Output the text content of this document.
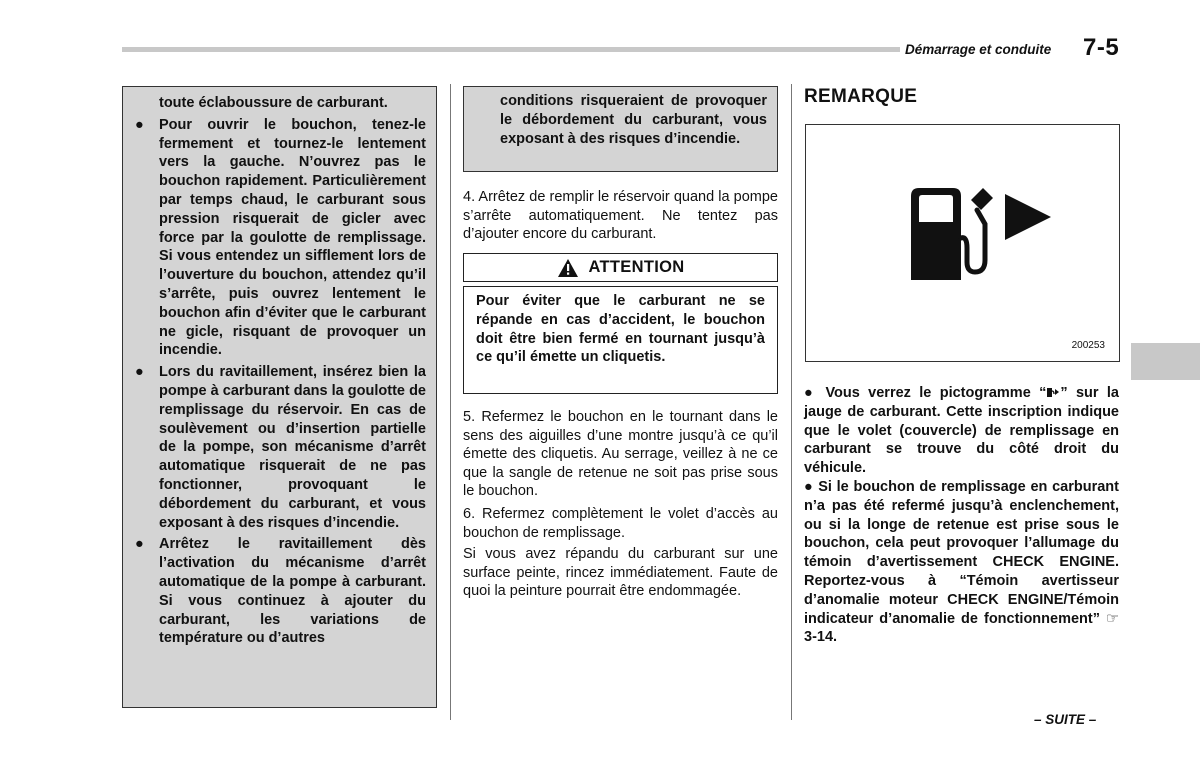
Démarrage et conduite 7-5
toute éclaboussure de carburant.
● Pour ouvrir le bouchon, tenez-le fermement et tournez-le lentement vers la gauche. N’ouvrez pas le bouchon rapidement. Particulièrement par temps chaud, le carburant sous pression risquerait de gicler avec force par la goulotte de remplissage. Si vous entendez un sifflement lors de l’ouverture du bouchon, attendez qu’il s’arrête, puis ouvrez lentement le bouchon afin d’éviter que le carburant ne gicle, risquant de provoquer un incendie.
● Lors du ravitaillement, insérez bien la pompe à carburant dans la goulotte de remplissage du réservoir. En cas de soulèvement ou d’insertion partielle de la pompe, son mécanisme d’arrêt automatique risquerait de ne pas fonctionner, provoquant le débordement du carburant, et vous exposant à des risques d’incendie.
● Arrêtez le ravitaillement dès l’activation du mécanisme d’arrêt automatique de la pompe à carburant. Si vous continuez à ajouter du carburant, les variations de température ou d’autres
conditions risqueraient de provoquer le débordement du carburant, vous exposant à des risques d’incendie.
4. Arrêtez de remplir le réservoir quand la pompe s’arrête automatiquement. Ne tentez pas d’ajouter encore du carburant.
ATTENTION
Pour éviter que le carburant ne se répande en cas d’accident, le bouchon doit être bien fermé en tournant jusqu’à ce qu’il émette un cliquetis.
5. Refermez le bouchon en le tournant dans le sens des aiguilles d’une montre jusqu’à ce qu’il émette des cliquetis. Au serrage, veillez à ne ce que la sangle de retenue ne soit pas prise sous le bouchon.
6. Refermez complètement le volet d’accès au bouchon de remplissage.
Si vous avez répandu du carburant sur une surface peinte, rincez immédiatement. Faute de quoi la peinture pourrait être endommagée.
REMARQUE
200253
● Vous verrez le pictogramme “ ” sur la jauge de carburant. Cette inscription indique que le volet (couvercle) de remplissage en carburant se trouve du côté droit du véhicule.
● Si le bouchon de remplissage en carburant n’a pas été refermé jusqu’à enclenchement, ou si la longe de retenue est prise sous le bouchon, cela peut provoquer l’allumage du témoin d’avertissement CHECK ENGINE. Reportez-vous à “Témoin avertisseur d’anomalie moteur CHECK ENGINE/Témoin indicateur d’anomalie de fonctionnement” ☞3-14.
– SUITE –
